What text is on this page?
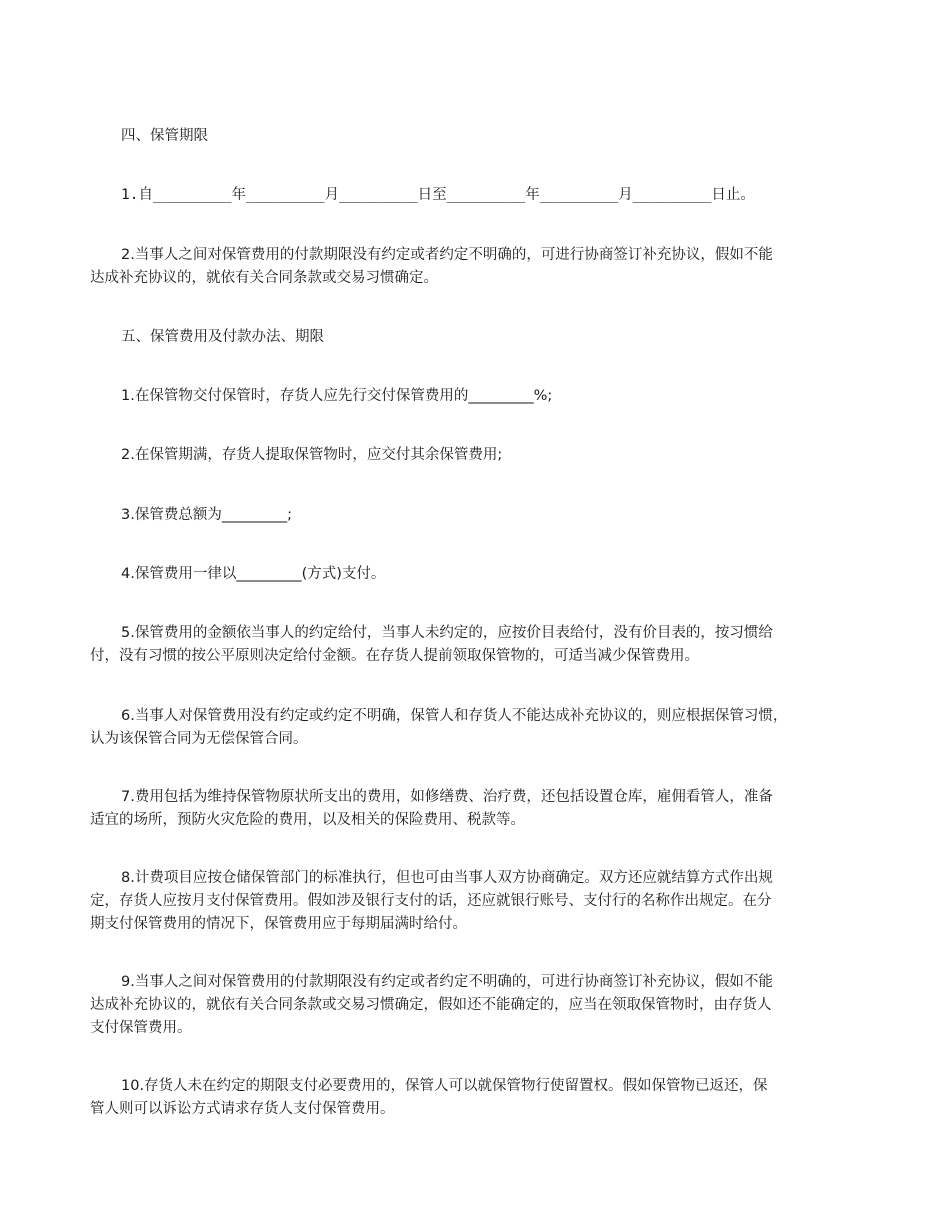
四、保管期限
1.自_________年_________月_________日至_________年_________月_________日止。
2.当事人之间对保管费用的付款期限没有约定或者约定不明确的，可进行协商签订补充协议，假如不能
达成补充协议的，就依有关合同条款或交易习惯确定。
五、保管费用及付款办法、期限
1.在保管物交付保管时，存货人应先行交付保管费用的_________%;
2.在保管期满，存货人提取保管物时，应交付其余保管费用;
3.保管费总额为_________;
4.保管费用一律以_________(方式)支付。
5.保管费用的金额依当事人的约定给付，当事人未约定的，应按价目表给付，没有价目表的，按习惯给
付，没有习惯的按公平原则决定给付金额。在存货人提前领取保管物的，可适当减少保管费用。
6.当事人对保管费用没有约定或约定不明确，保管人和存货人不能达成补充协议的，则应根据保管习惯，
认为该保管合同为无偿保管合同。
7.费用包括为维持保管物原状所支出的费用，如修缮费、治疗费，还包括设置仓库，雇佣看管人，准备
适宜的场所，预防火灾危险的费用，以及相关的保险费用、税款等。
8.计费项目应按仓储保管部门的标准执行，但也可由当事人双方协商确定。双方还应就结算方式作出规
定，存货人应按月支付保管费用。假如涉及银行支付的话，还应就银行账号、支付行的名称作出规定。在分
期支付保管费用的情况下，保管费用应于每期届满时给付。
9.当事人之间对保管费用的付款期限没有约定或者约定不明确的，可进行协商签订补充协议，假如不能
达成补充协议的，就依有关合同条款或交易习惯确定，假如还不能确定的，应当在领取保管物时，由存货人
支付保管费用。
10.存货人未在约定的期限支付必要费用的，保管人可以就保管物行使留置权。假如保管物已返还，保
管人则可以诉讼方式请求存货人支付保管费用。
